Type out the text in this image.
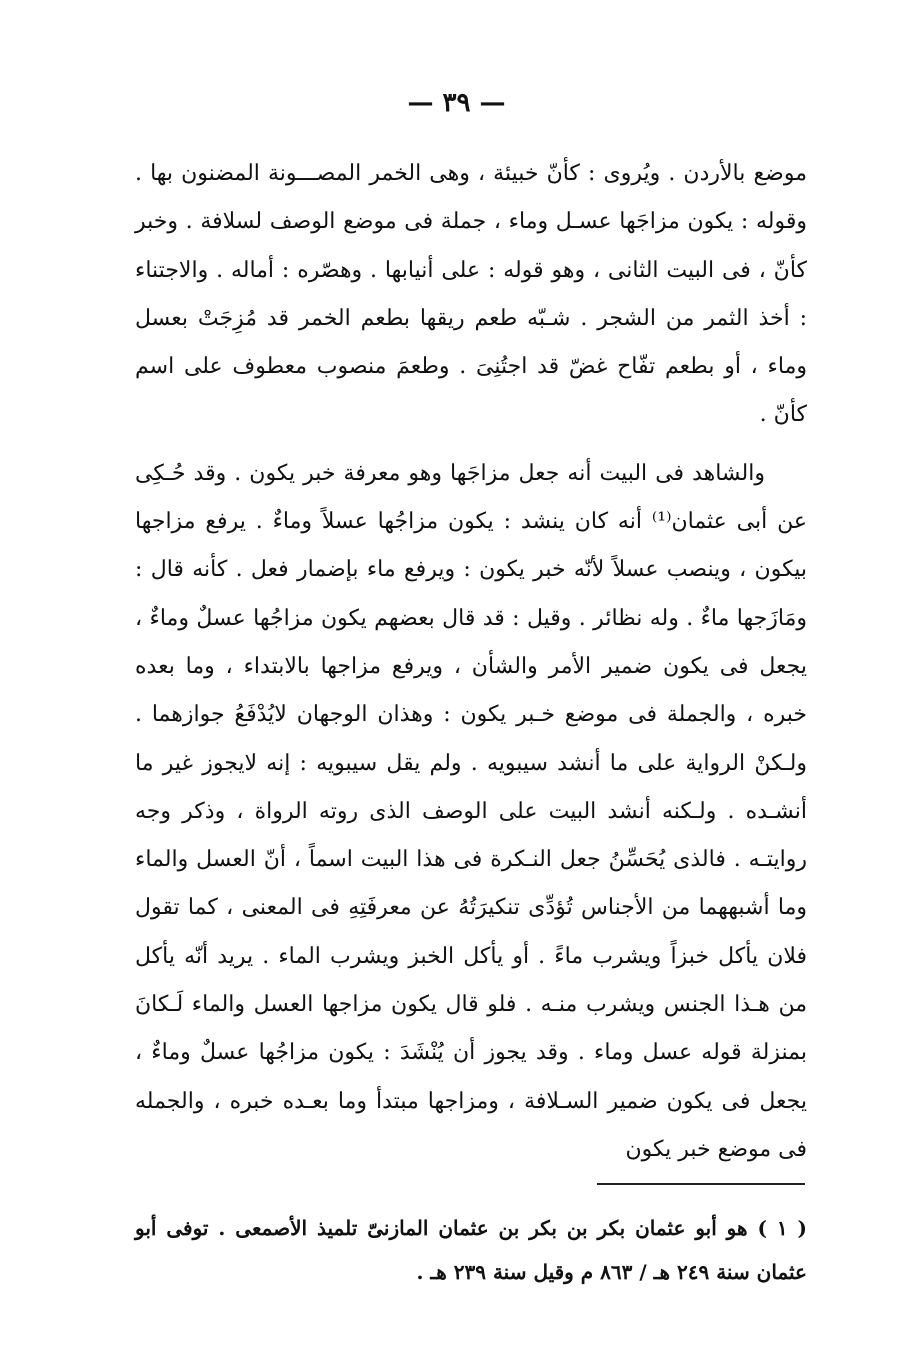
— ٣٩ —

موضع بالأردن . ويُروى : كأنّ خبيئة ، وهى الخمر المصـــونة المضنون بها . وقوله : يكون مزاجَها عسـل وماء ، جملة فى موضع الوصف لسلافة . وخبر كأنّ ، فى البيت الثانى ، وهو قوله : على أنيابها . وهصّره : أماله . والاجتناء : أخذ الثمر من الشجر . شـبّه طعم ريقها بطعم الخمر قد مُزِجَتْ بعسل وماء ، أو بطعم تفّاح غضّ قد اجتُنِىَ . وطعمَ منصوب معطوف على اسم كأنّ .

والشاهد فى البيت أنه جعل مزاجَها وهو معرفة خبر يكون . وقد حُـكِى عن أبى عثمان⁽¹⁾ أنه كان ينشد : يكون مزاجُها عسلاً وماءٌ . يرفع مزاجها بيكون ، وينصب عسلاً لأنّه خبر يكون : ويرفع ماء بإضمار فعل . كأنه قال : ومَازَجها ماءٌ . وله نظائر . وقيل : قد قال بعضهم يكون مزاجُها عسلٌ وماءٌ ، يجعل فى يكون ضمير الأمر والشأن ، ويرفع مزاجها بالابتداء ، وما بعده خبره ، والجملة فى موضع خـبر يكون : وهذان الوجهان لايُدْفَعُ جوازهما . ولـكنْ الرواية على ما أنشد سيبويه . ولم يقل سيبويه : إنه لايجوز غير ما أنشـده . ولـكنه أنشد البيت على الوصف الذى روته الرواة ، وذكر وجه روايتـه . فالذى يُحَسِّنُ جعل النـكرة فى هذا البيت اسماً ، أنّ العسل والماء وما أشبههما من الأجناس تُؤدِّى تنكيرَتُهُ عن معرفَتِهِ فى المعنى ، كما تقول فلان يأكل خبزاً ويشرب ماءً . أو يأكل الخبز ويشرب الماء . يريد أنّه يأكل من هـذا الجنس ويشرب منـه . فلو قال يكون مزاجها العسل والماء لَـكانَ بمنزلة قوله عسل وماء . وقد يجوز أن يُنْشَدَ : يكون مزاجُها عسلٌ وماءٌ ، يجعل فى يكون ضمير السـلافة ، ومزاجها مبتدأ وما بعـده خبره ، والجمله فى موضع خبر يكون

( ١ ) هو أبو عثمان بكر بن بكر بن عثمان المازنىّ تلميذ الأصمعى . توفى أبو عثمان سنة ٢٤٩ هـ / ٨٦٣ م وقيل سنة ٢٣٩ هـ .
